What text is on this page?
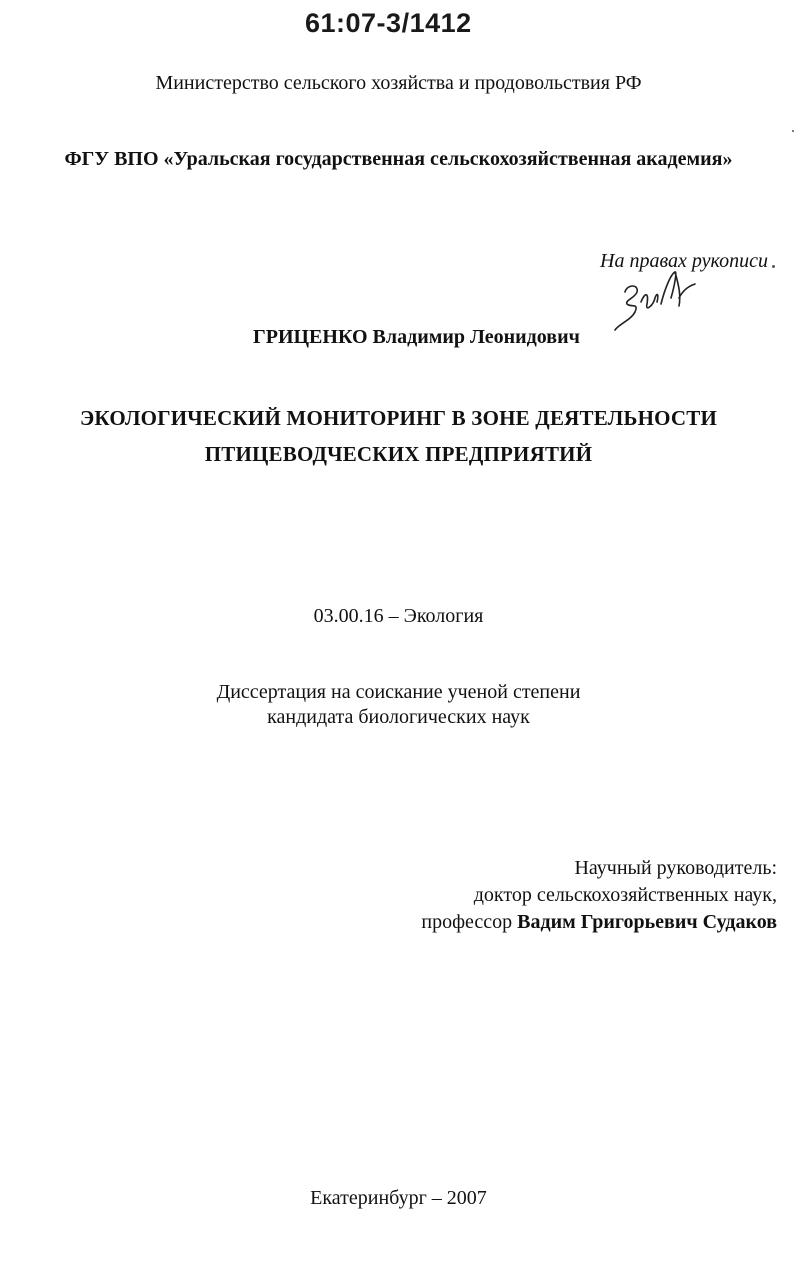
61:07-3/1412
Министерство сельского хозяйства и продовольствия РФ
ФГУ ВПО «Уральская государственная сельскохозяйственная академия»
На правах рукописи
ГРИЦЕНКО Владимир Леонидович
ЭКОЛОГИЧЕСКИЙ МОНИТОРИНГ В ЗОНЕ ДЕЯТЕЛЬНОСТИ
ПТИЦЕВОДЧЕСКИХ ПРЕДПРИЯТИЙ
03.00.16 – Экология
Диссертация на соискание ученой степени
кандидата биологических наук
Научный руководитель:
доктор сельскохозяйственных наук,
профессор Вадим Григорьевич Судаков
Екатеринбург – 2007
